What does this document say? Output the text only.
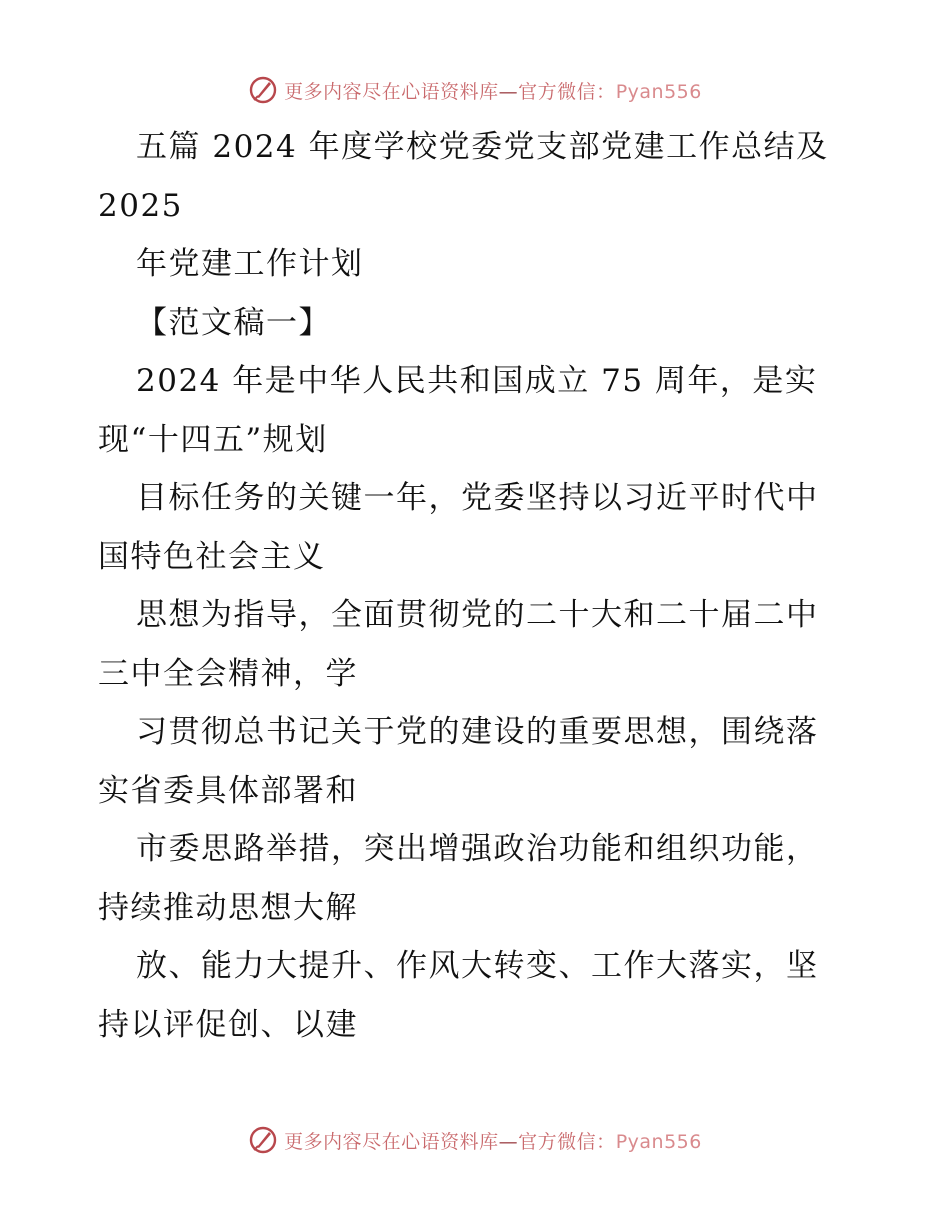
更多内容尽在心语资料库—官方微信：Pyan556
五篇 2024 年度学校党委党支部党建工作总结及
2025
年党建工作计划
【范文稿一】
2024 年是中华人民共和国成立 75 周年，是实
现“十四五”规划
目标任务的关键一年，党委坚持以习近平时代中
国特色社会主义
思想为指导，全面贯彻党的二十大和二十届二中
三中全会精神，学
习贯彻总书记关于党的建设的重要思想，围绕落
实省委具体部署和
市委思路举措，突出增强政治功能和组织功能，
持续推动思想大解
放、能力大提升、作风大转变、工作大落实，坚
持以评促创、以建
更多内容尽在心语资料库—官方微信：Pyan556
